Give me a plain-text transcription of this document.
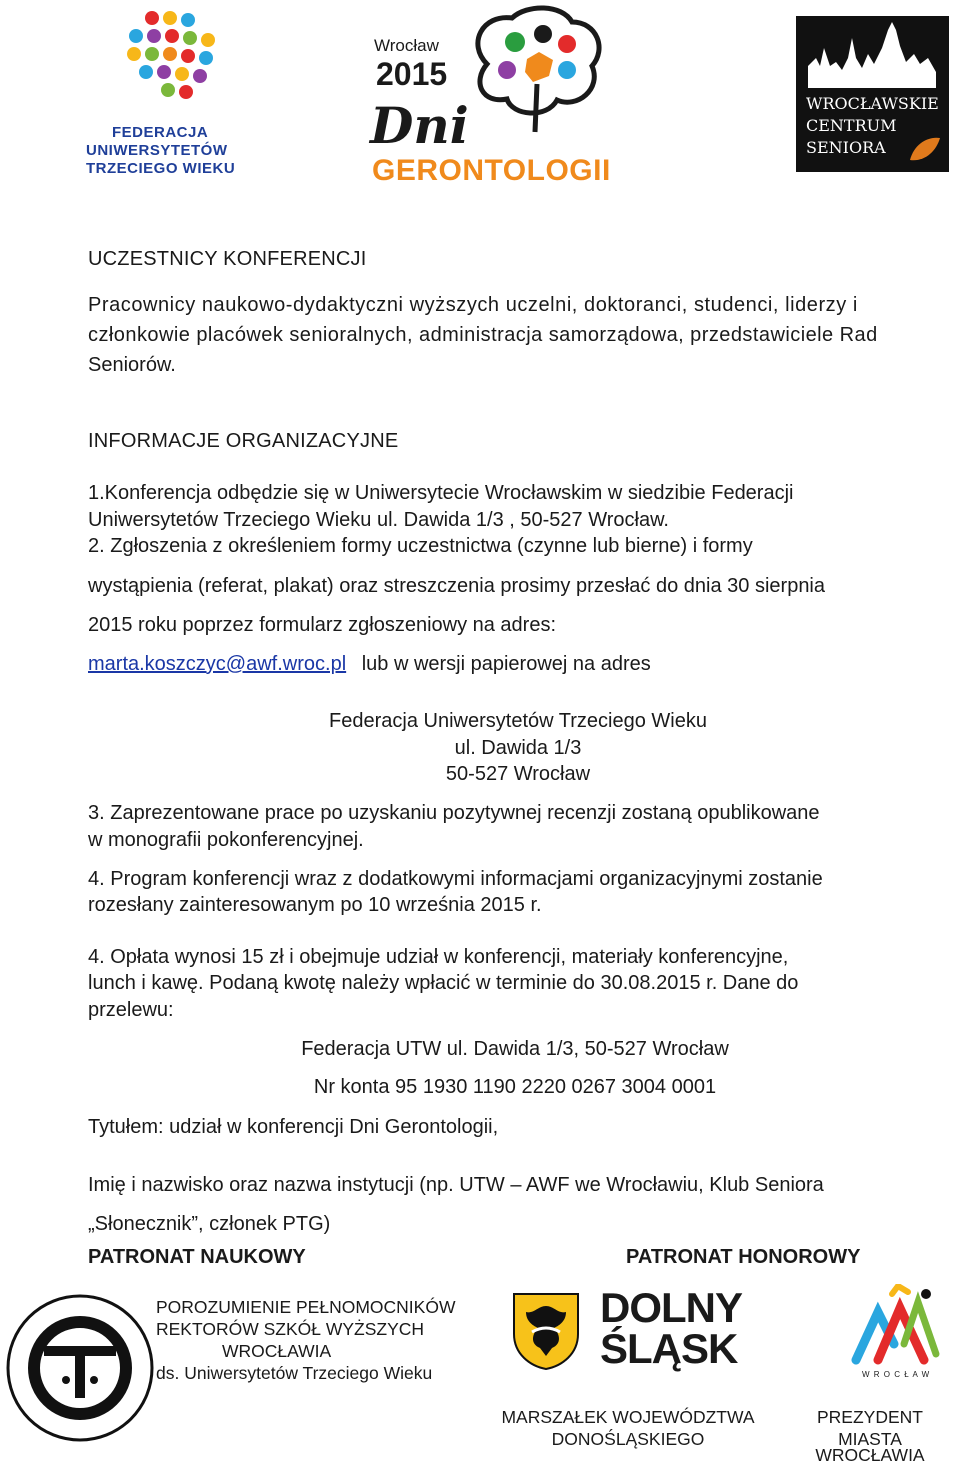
FEDERACJA
UNIWERSYTETÓW
TRZECIEGO WIEKU
Wrocław
2015
Dni
GERONTOLOGII
WROCŁAWSKIE
CENTRUM
SENIORA
UCZESTNICY KONFERENCJI
Pracownicy naukowo-dydaktyczni wyższych uczelni, doktoranci, studenci, liderzy i
członkowie placówek senioralnych, administracja samorządowa, przedstawiciele Rad
Seniorów.
INFORMACJE ORGANIZACYJNE
1.Konferencja odbędzie się w Uniwersytecie Wrocławskim w siedzibie Federacji
Uniwersytetów Trzeciego Wieku ul. Dawida 1/3 , 50-527 Wrocław.
2. Zgłoszenia z określeniem formy uczestnictwa (czynne lub bierne) i formy
wystąpienia (referat, plakat) oraz streszczenia prosimy przesłać do dnia 30 sierpnia
2015 roku poprzez formularz zgłoszeniowy na adres:
marta.koszczyc@awf.wroc.pl lub w wersji papierowej na adres
Federacja Uniwersytetów Trzeciego Wieku
ul. Dawida 1/3
50-527 Wrocław
3. Zaprezentowane prace po uzyskaniu pozytywnej recenzji zostaną opublikowane
w monografii pokonferencyjnej.
4. Program konferencji wraz z dodatkowymi informacjami organizacyjnymi zostanie
rozesłany zainteresowanym po 10 września 2015 r.
4. Opłata wynosi 15 zł i obejmuje udział w konferencji, materiały konferencyjne,
lunch i kawę. Podaną kwotę należy wpłacić w terminie do 30.08.2015 r. Dane do
przelewu:
Federacja UTW ul. Dawida 1/3, 50-527 Wrocław
Nr konta 95 1930 1190 2220 0267 3004 0001
Tytułem: udział w konferencji Dni Gerontologii,
Imię i nazwisko oraz nazwa instytucji (np. UTW – AWF we Wrocławiu, Klub Seniora
„Słonecznik”, członek PTG)
PATRONAT NAUKOWY	PATRONAT HONOROWY
POROZUMIENIE PEŁNOMOCNIKÓW
REKTORÓW SZKÓŁ WYŻSZYCH
WROCŁAWIA
ds. Uniwersytetów Trzeciego Wieku
DOLNY
ŚLĄSK
W R O C Ł A W
MARSZAŁEK WOJEWÓDZTWA
DONOŚLĄSKIEGO
PREZYDENT
MIASTA
WROCŁAWIA
